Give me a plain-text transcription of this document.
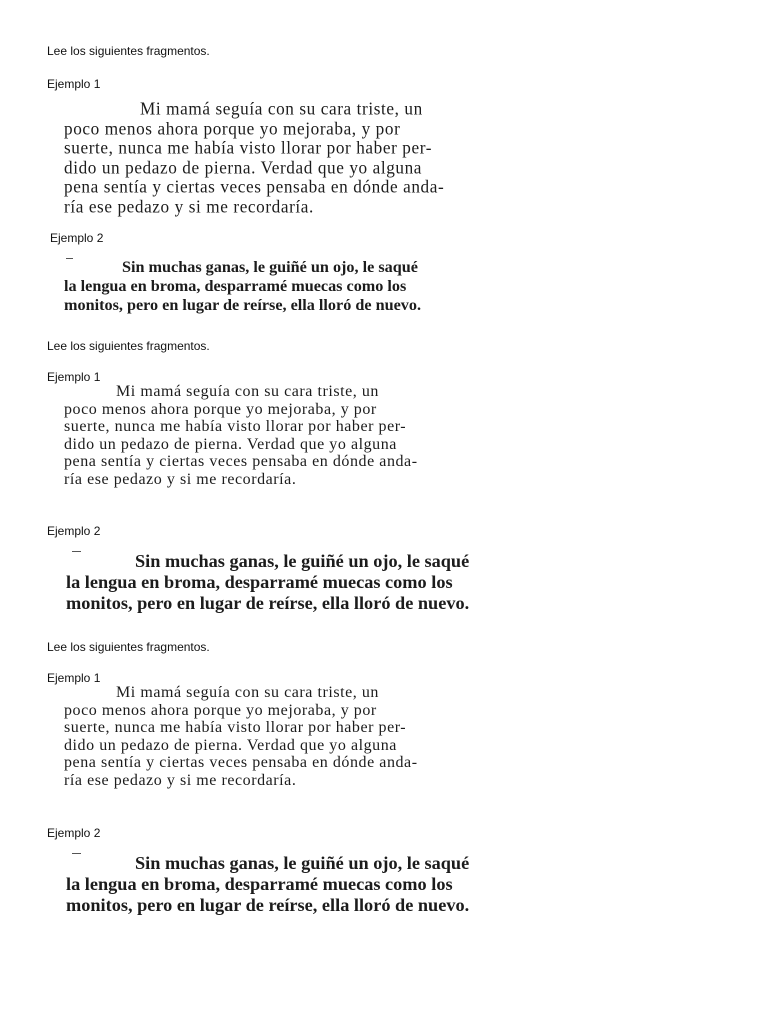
Lee los siguientes fragmentos.
Ejemplo 1
Mi mamá seguía con su cara triste, un
poco menos ahora porque yo mejoraba, y por
suerte, nunca me había visto llorar por haber per-
dido un pedazo de pierna. Verdad que yo alguna
pena sentía y ciertas veces pensaba en dónde anda-
ría ese pedazo y si me recordaría.
Ejemplo 2
Sin muchas ganas, le guiñé un ojo, le saqué
la lengua en broma, desparramé muecas como los
monitos, pero en lugar de reírse, ella lloró de nuevo.
Lee los siguientes fragmentos.
Ejemplo 1
Mi mamá seguía con su cara triste, un
poco menos ahora porque yo mejoraba, y por
suerte, nunca me había visto llorar por haber per-
dido un pedazo de pierna. Verdad que yo alguna
pena sentía y ciertas veces pensaba en dónde anda-
ría ese pedazo y si me recordaría.
Ejemplo 2
Sin muchas ganas, le guiñé un ojo, le saqué
la lengua en broma, desparramé muecas como los
monitos, pero en lugar de reírse, ella lloró de nuevo.
Lee los siguientes fragmentos.
Ejemplo 1
Mi mamá seguía con su cara triste, un
poco menos ahora porque yo mejoraba, y por
suerte, nunca me había visto llorar por haber per-
dido un pedazo de pierna. Verdad que yo alguna
pena sentía y ciertas veces pensaba en dónde anda-
ría ese pedazo y si me recordaría.
Ejemplo 2
Sin muchas ganas, le guiñé un ojo, le saqué
la lengua en broma, desparramé muecas como los
monitos, pero en lugar de reírse, ella lloró de nuevo.
